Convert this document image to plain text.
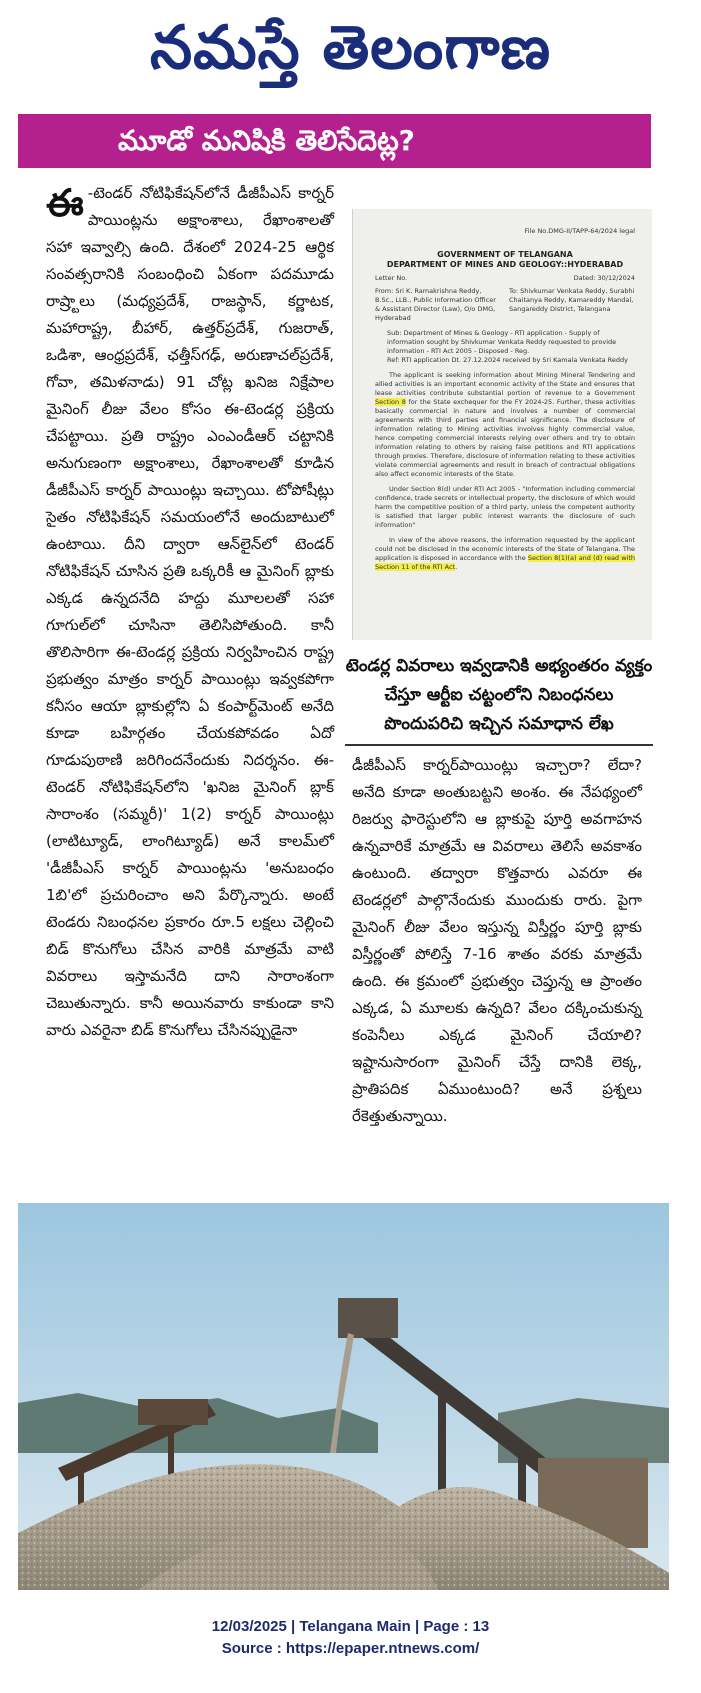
నమస్తే తెలంగాణ
మూడో మనిషికి తెలిసేదెట్ల?

ఈ -టెండర్ నోటిఫికేషన్‌లోనే డీజీపీఎస్ కార్నర్ పాయింట్లను అక్షాంశాలు, రేఖాంశాలతో సహా ఇవ్వాల్సి ఉంది. దేశంలో 2024-25 ఆర్థిక సంవత్సరానికి సంబంధించి ఏకంగా పదమూడు రాష్ర్టాలు (మధ్యప్రదేశ్, రాజస్థాన్, కర్ణాటక, మహారాష్ట్ర, బీహార్, ఉత్తర్‌ప్రదేశ్, గుజరాత్, ఒడిశా, ఆంధ్రప్రదేశ్, ఛత్తీస్‌గఢ్, అరుణాచల్‌ప్రదేశ్, గోవా, తమిళనాడు) 91 చోట్ల ఖనిజ నిక్షేపాల మైనింగ్ లీజు వేలం కోసం ఈ-టెండర్ల ప్రక్రియ చేపట్టాయి. ప్రతి రాష్ట్రం ఎంఎండీఆర్ చట్టానికి అనుగుణంగా అక్షాంశాలు, రేఖాంశాలతో కూడిన డీజీపీఎస్ కార్నర్ పాయింట్లు ఇచ్చాయి. టోపోషీట్లు సైతం నోటిఫికేషన్ సమయంలోనే అందుబాటులో ఉంటాయి. దీని ద్వారా ఆన్‌లైన్‌లో టెండర్ నోటిఫికేషన్ చూసిన ప్రతి ఒక్కరికీ ఆ మైనింగ్ బ్లాకు ఎక్కడ ఉన్నదనేది హద్దు మూలలతో సహా గూగుల్‌లో చూసినా తెలిసిపోతుంది. కానీ తొలిసారిగా ఈ-టెండర్ల ప్రక్రియ నిర్వహించిన రాష్ట్ర ప్రభుత్వం మాత్రం కార్నర్ పాయింట్లు ఇవ్వకపోగా కనీసం ఆయా బ్లాకుల్లోని ఏ కంపార్ట్‌మెంట్ అనేది కూడా బహిర్గతం చేయకపోవడం ఏదో గూడుపుఠాణి జరిగిందనేందుకు నిదర్శనం. ఈ-టెండర్ నోటిఫికేషన్‌లోని 'ఖనిజ మైనింగ్ బ్లాక్ సారాంశం (సమ్మరీ)' 1(2) కార్నర్ పాయింట్లు (లాటిట్యూడ్, లాంగిట్యూడ్) అనే కాలమ్‌లో 'డీజీపీఎస్ కార్నర్ పాయింట్లను 'అనుబంధం 1బి'లో ప్రచురించాం అని పేర్కొన్నారు. అంటే టెండరు నిబంధనల ప్రకారం రూ.5 లక్షలు చెల్లించి బిడ్ కొనుగోలు చేసిన వారికి మాత్రమే వాటి వివరాలు ఇస్తామనేది దాని సారాంశంగా చెబుతున్నారు. కానీ అయినవారు కాకుండా కాని వారు ఎవరైనా బిడ్ కొనుగోలు చేసినప్పుడైనా

File No.DMG-II/TAPP-64/2024 legal
GOVERNMENT OF TELANGANA
DEPARTMENT OF MINES AND GEOLOGY::HYDERABAD
Letter No.	Dated: 30/12/2024
From: Sri K. Ramakrishna Reddy, B.Sc., LLB., Public Information Officer & Assistant Director (Law), O/o DMG, Hyderabad
To: Shivkumar Venkata Reddy, Surabhi Chaitanya Reddy, Kamareddy Mandal, Sangareddy District, Telangana
Sub: Department of Mines & Geology - RTI application - Supply of information sought by Shivkumar Venkata Reddy requested to provide information - RTI Act 2005 - Disposed - Reg.
Ref: RTI application Dt. 27.12.2024 received by Sri Kamala Venkata Reddy
The applicant is seeking information about Mining Mineral Tendering and allied activities is an important economic activity of the State and ensures that lease activities contribute substantial portion of revenue to a Government Section 8 for the State exchequer for the FY 2024-25. Further, these activities basically commercial in nature and involves a number of commercial agreements with third parties and financial significance. The disclosure of information relating to Mining activities involves highly commercial value, hence competing commercial interests relying over others and try to obtain information relating to others by raising false petitions and RTI applications through proxies. Therefore, disclosure of information relating to these activities violate commercial agreements and result in breach of contractual obligations also affect economic interests of the State.
Under Section 8(d) under RTI Act 2005 - "Information including commercial confidence, trade secrets or intellectual property, the disclosure of which would harm the competitive position of a third party, unless the competent authority is satisfied that larger public interest warrants the disclosure of such information"
In view of the above reasons, the information requested by the applicant could not be disclosed in the economic interests of the State of Telangana. The application is disposed in accordance with the Section 8(1)(a) and (d) read with Section 11 of the RTI Act.
టెండర్ల వివరాలు ఇవ్వడానికి అభ్యంతరం వ్యక్తం చేస్తూ ఆర్టీఐ చట్టంలోని నిబంధనలు పొందుపరిచి ఇచ్చిన సమాధాన లేఖ

డీజీపీఎస్ కార్నర్‌పాయింట్లు ఇచ్చారా? లేదా? అనేది కూడా అంతుబట్టని అంశం. ఈ నేపథ్యంలో రిజర్వు ఫారెస్టులోని ఆ బ్లాకుపై పూర్తి అవగాహన ఉన్నవారికే మాత్రమే ఆ వివరాలు తెలిసే అవకాశం ఉంటుంది. తద్వారా కొత్తవారు ఎవరూ ఈ టెండర్లలో పాల్గొనేందుకు ముందుకు రారు. పైగా మైనింగ్ లీజు వేలం ఇస్తున్న విస్తీర్ణం పూర్తి బ్లాకు విస్తీర్ణంతో పోలిస్తే 7-16 శాతం వరకు మాత్రమే ఉంది. ఈ క్రమంలో ప్రభుత్వం చెప్తున్న ఆ ప్రాంతం ఎక్కడ, ఏ మూలకు ఉన్నది? వేలం దక్కించుకున్న కంపెనీలు ఎక్కడ మైనింగ్ చేయాలి? ఇష్టానుసారంగా మైనింగ్ చేస్తే దానికి లెక్క, ప్రాతిపదిక ఏముంటుంది? అనే ప్రశ్నలు రేకెత్తుతున్నాయి.

12/03/2025 | Telangana Main | Page : 13
Source : https://epaper.ntnews.com/
